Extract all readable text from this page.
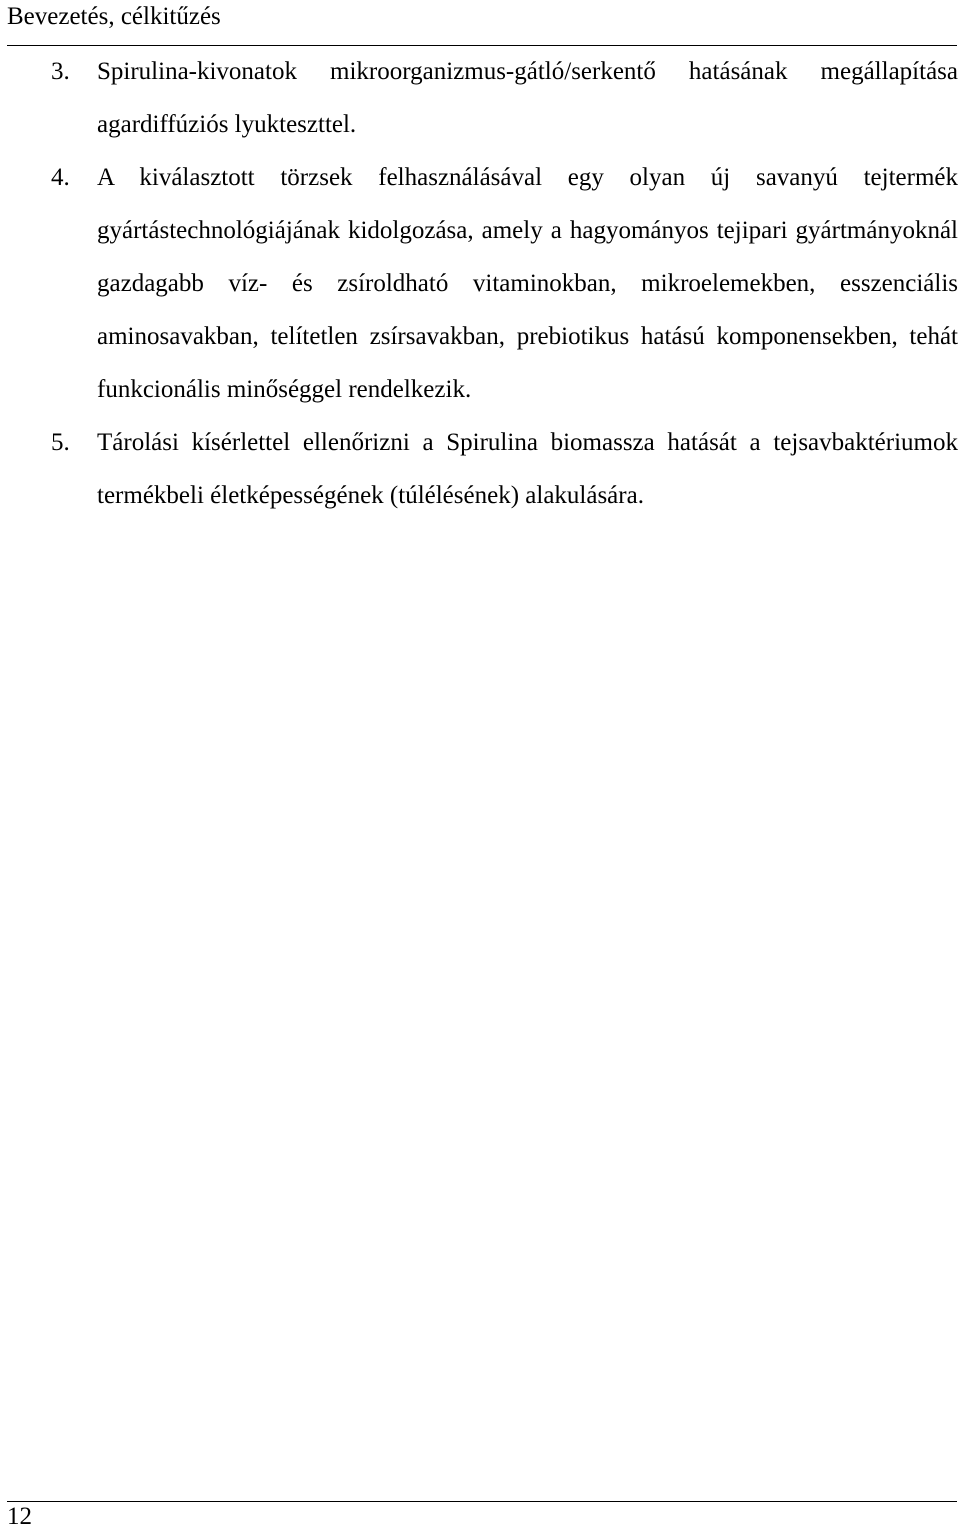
Bevezetés, célkitűzés
3. Spirulina-kivonatok mikroorganizmus-gátló/serkentő hatásának megállapítása agardiffúziós lyukteszttel.
4. A kiválasztott törzsek felhasználásával egy olyan új savanyú tejtermék gyártástechnológiájának kidolgozása, amely a hagyományos tejipari gyártmányoknál gazdagabb víz- és zsíroldható vitaminokban, mikroelemekben, esszenciális aminosavakban, telítetlen zsírsavakban, prebiotikus hatású komponensekben, tehát funkcionális minőséggel rendelkezik.
5. Tárolási kísérlettel ellenőrizni a Spirulina biomassza hatását a tejsavbaktériumok termékbeli életképességének (túlélésének) alakulására.
12
